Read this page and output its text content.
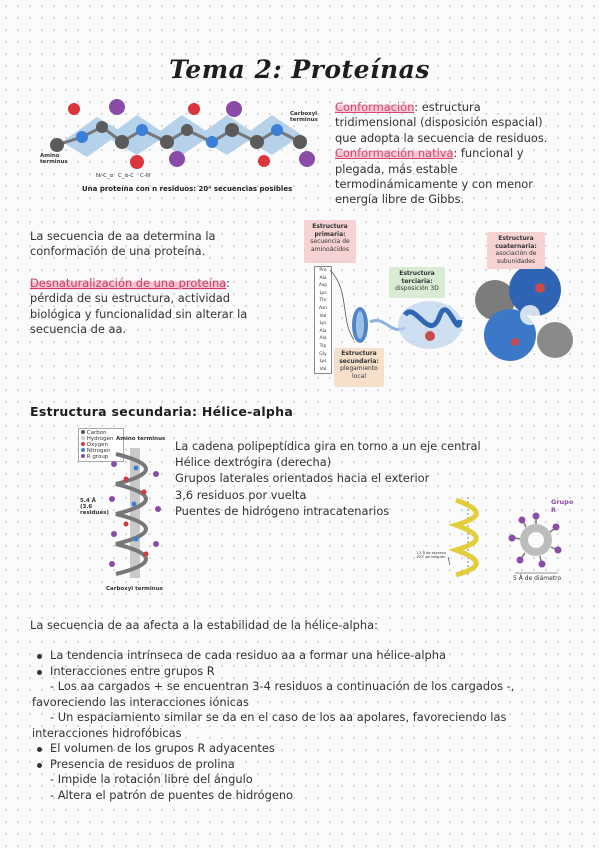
Tema 2: Proteínas
Amino terminus
Carboxyl terminus
Nᵢ-C_α C_α-C C-N
Una proteína con n residuos: 20ⁿ secuencias posibles
Conformación: estructura tridimensional (disposición espacial) que adopta la secuencia de residuos.
Conformación nativa: funcional y plegada, más estable termodinámicamente y con menor energía libre de Gibbs.
La secuencia de aa determina la conformación de una proteína.
Desnaturalización de una proteína: pérdida de su estructura, actividad biológica y funcionalidad sin alterar la secuencia de aa.
Estructura primaria:
secuencia de aminoácidos
Pro
Ala
Asp
Lys
Thr
Asn
Val
Lys
Ala
Ala
Trp
Gly
Lys
Val
Estructura terciaria:
disposición 3D
Estructura cuaternaria:
asociación de subunidades
Estructura secundaria:
plegamiento local
Estructura secundaria: Hélice-alpha
Carbon
Hydrogen
Oxygen
Nitrogen
R group
Amino terminus
5.4 Å (3.6 residues)
Carboxyl terminus
La cadena polipeptídica gira en torno a un eje central
Hélice dextrógira (derecha)
Grupos laterales orientados hacia el exterior
3,6 residuos por vuelta
Puentes de hidrógeno intracatenarios
1,5 Å de ascenso 100° de rotación
Grupo R
5 Å de diámetro
La secuencia de aa afecta a la estabilidad de la hélice-alpha:
La tendencia intrínseca de cada residuo aa a formar una hélice-alpha
Interacciones entre grupos R
- Los aa cargados + se encuentran 3-4 residuos a continuación de los cargados -, favoreciendo las interacciones iónicas
- Un espaciamiento similar se da en el caso de los aa apolares, favoreciendo las interacciones hidrofóbicas
El volumen de los grupos R adyacentes
Presencia de residuos de prolina
- Impide la rotación libre del ángulo
- Altera el patrón de puentes de hidrógeno
